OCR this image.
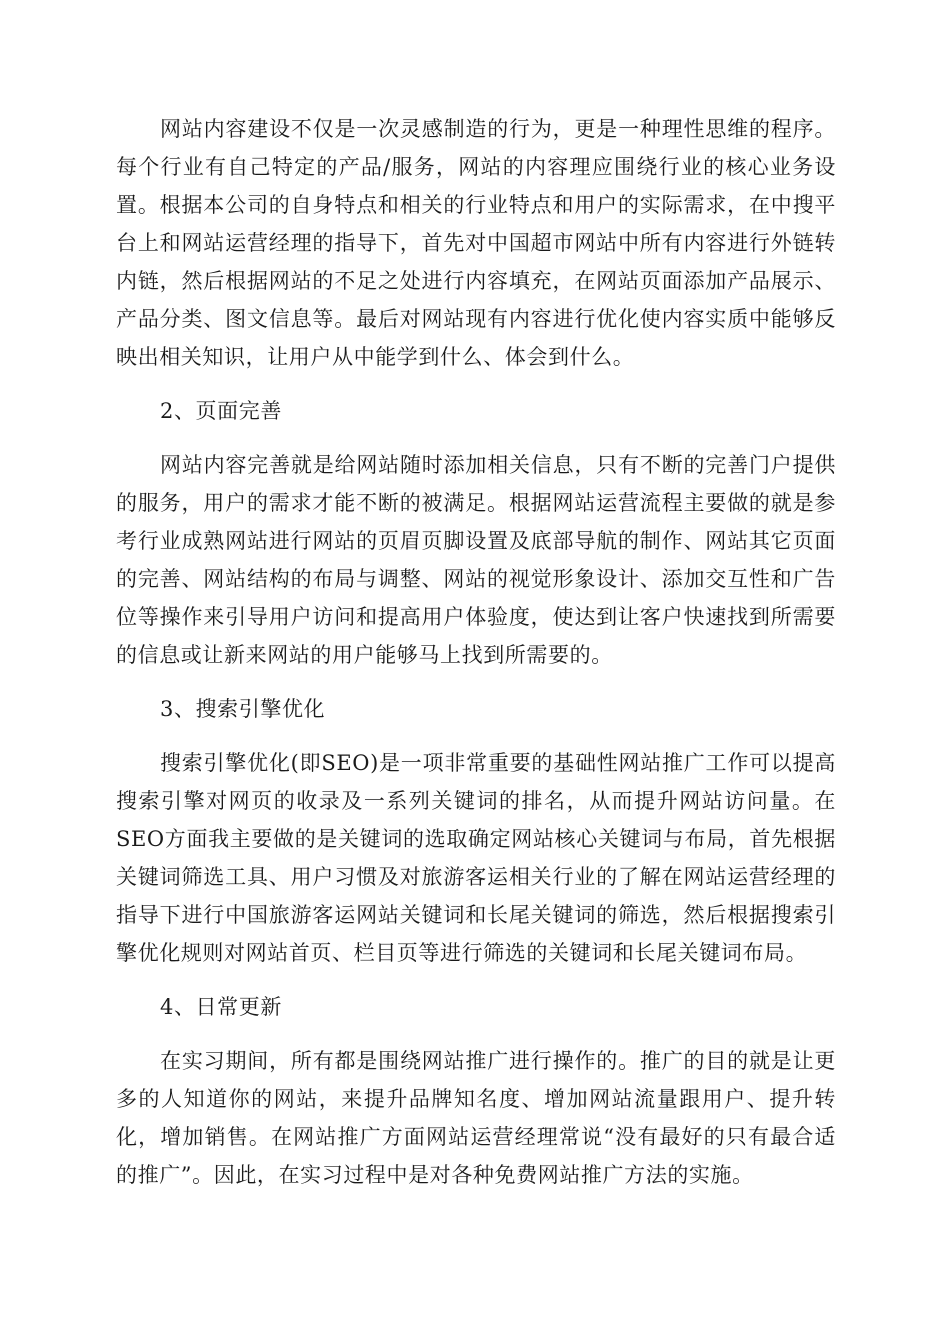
网站内容建设不仅是一次灵感制造的行为，更是一种理性思维的程序。每个行业有自己特定的产品/服务，网站的内容理应围绕行业的核心业务设置。根据本公司的自身特点和相关的行业特点和用户的实际需求，在中搜平台上和网站运营经理的指导下，首先对中国超市网站中所有内容进行外链转内链，然后根据网站的不足之处进行内容填充，在网站页面添加产品展示、产品分类、图文信息等。最后对网站现有内容进行优化使内容实质中能够反映出相关知识，让用户从中能学到什么、体会到什么。

2、页面完善

网站内容完善就是给网站随时添加相关信息，只有不断的完善门户提供的服务，用户的需求才能不断的被满足。根据网站运营流程主要做的就是参考行业成熟网站进行网站的页眉页脚设置及底部导航的制作、网站其它页面的完善、网站结构的布局与调整、网站的视觉形象设计、添加交互性和广告位等操作来引导用户访问和提高用户体验度，使达到让客户快速找到所需要的信息或让新来网站的用户能够马上找到所需要的。

3、搜索引擎优化

搜索引擎优化(即SEO)是一项非常重要的基础性网站推广工作可以提高搜索引擎对网页的收录及一系列关键词的排名，从而提升网站访问量。在SEO方面我主要做的是关键词的选取确定网站核心关键词与布局，首先根据关键词筛选工具、用户习惯及对旅游客运相关行业的了解在网站运营经理的指导下进行中国旅游客运网站关键词和长尾关键词的筛选，然后根据搜索引擎优化规则对网站首页、栏目页等进行筛选的关键词和长尾关键词布局。

4、日常更新

在实习期间，所有都是围绕网站推广进行操作的。推广的目的就是让更多的人知道你的网站，来提升品牌知名度、增加网站流量跟用户、提升转化，增加销售。在网站推广方面网站运营经理常说“没有最好的只有最合适的推广”。因此，在实习过程中是对各种免费网站推广方法的实施。
